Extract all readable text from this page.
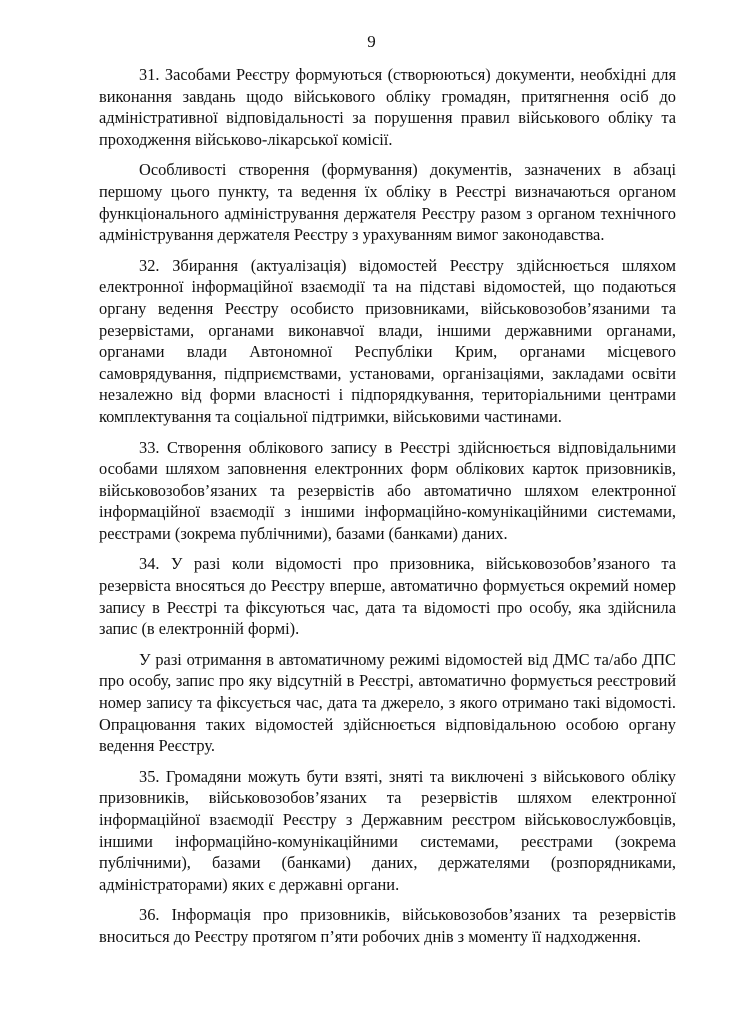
9

31. Засобами Реєстру формуються (створюються) документи, необхідні для виконання завдань щодо військового обліку громадян, притягнення осіб до адміністративної відповідальності за порушення правил військового обліку та проходження військово-лікарської комісії.

Особливості створення (формування) документів, зазначених в абзаці першому цього пункту, та ведення їх обліку в Реєстрі визначаються органом функціонального адміністрування держателя Реєстру разом з органом технічного адміністрування держателя Реєстру з урахуванням вимог законодавства.

32. Збирання (актуалізація) відомостей Реєстру здійснюється шляхом електронної інформаційної взаємодії та на підставі відомостей, що подаються органу ведення Реєстру особисто призовниками, військовозобов’язаними та резервістами, органами виконавчої влади, іншими державними органами, органами влади Автономної Республіки Крим, органами місцевого самоврядування, підприємствами, установами, організаціями, закладами освіти незалежно від форми власності і підпорядкування, територіальними центрами комплектування та соціальної підтримки, військовими частинами.

33. Створення облікового запису в Реєстрі здійснюється відповідальними особами шляхом заповнення електронних форм облікових карток призовників, військовозобов’язаних та резервістів або автоматично шляхом електронної інформаційної взаємодії з іншими інформаційно-комунікаційними системами, реєстрами (зокрема публічними), базами (банками) даних.

34. У разі коли відомості про призовника, військовозобов’язаного та резервіста вносяться до Реєстру вперше, автоматично формується окремий номер запису в Реєстрі та фіксуються час, дата та відомості про особу, яка здійснила запис (в електронній формі).

У разі отримання в автоматичному режимі відомостей від ДМС та/або ДПС про особу, запис про яку відсутній в Реєстрі, автоматично формується реєстровий номер запису та фіксується час, дата та джерело, з якого отримано такі відомості. Опрацювання таких відомостей здійснюється відповідальною особою органу ведення Реєстру.

35. Громадяни можуть бути взяті, зняті та виключені з військового обліку призовників, військовозобов’язаних та резервістів шляхом електронної інформаційної взаємодії Реєстру з Державним реєстром військовослужбовців, іншими інформаційно-комунікаційними системами, реєстрами (зокрема публічними), базами (банками) даних, держателями (розпорядниками, адміністраторами) яких є державні органи.

36. Інформація про призовників, військовозобов’язаних та резервістів вноситься до Реєстру протягом п’яти робочих днів з моменту її надходження.
